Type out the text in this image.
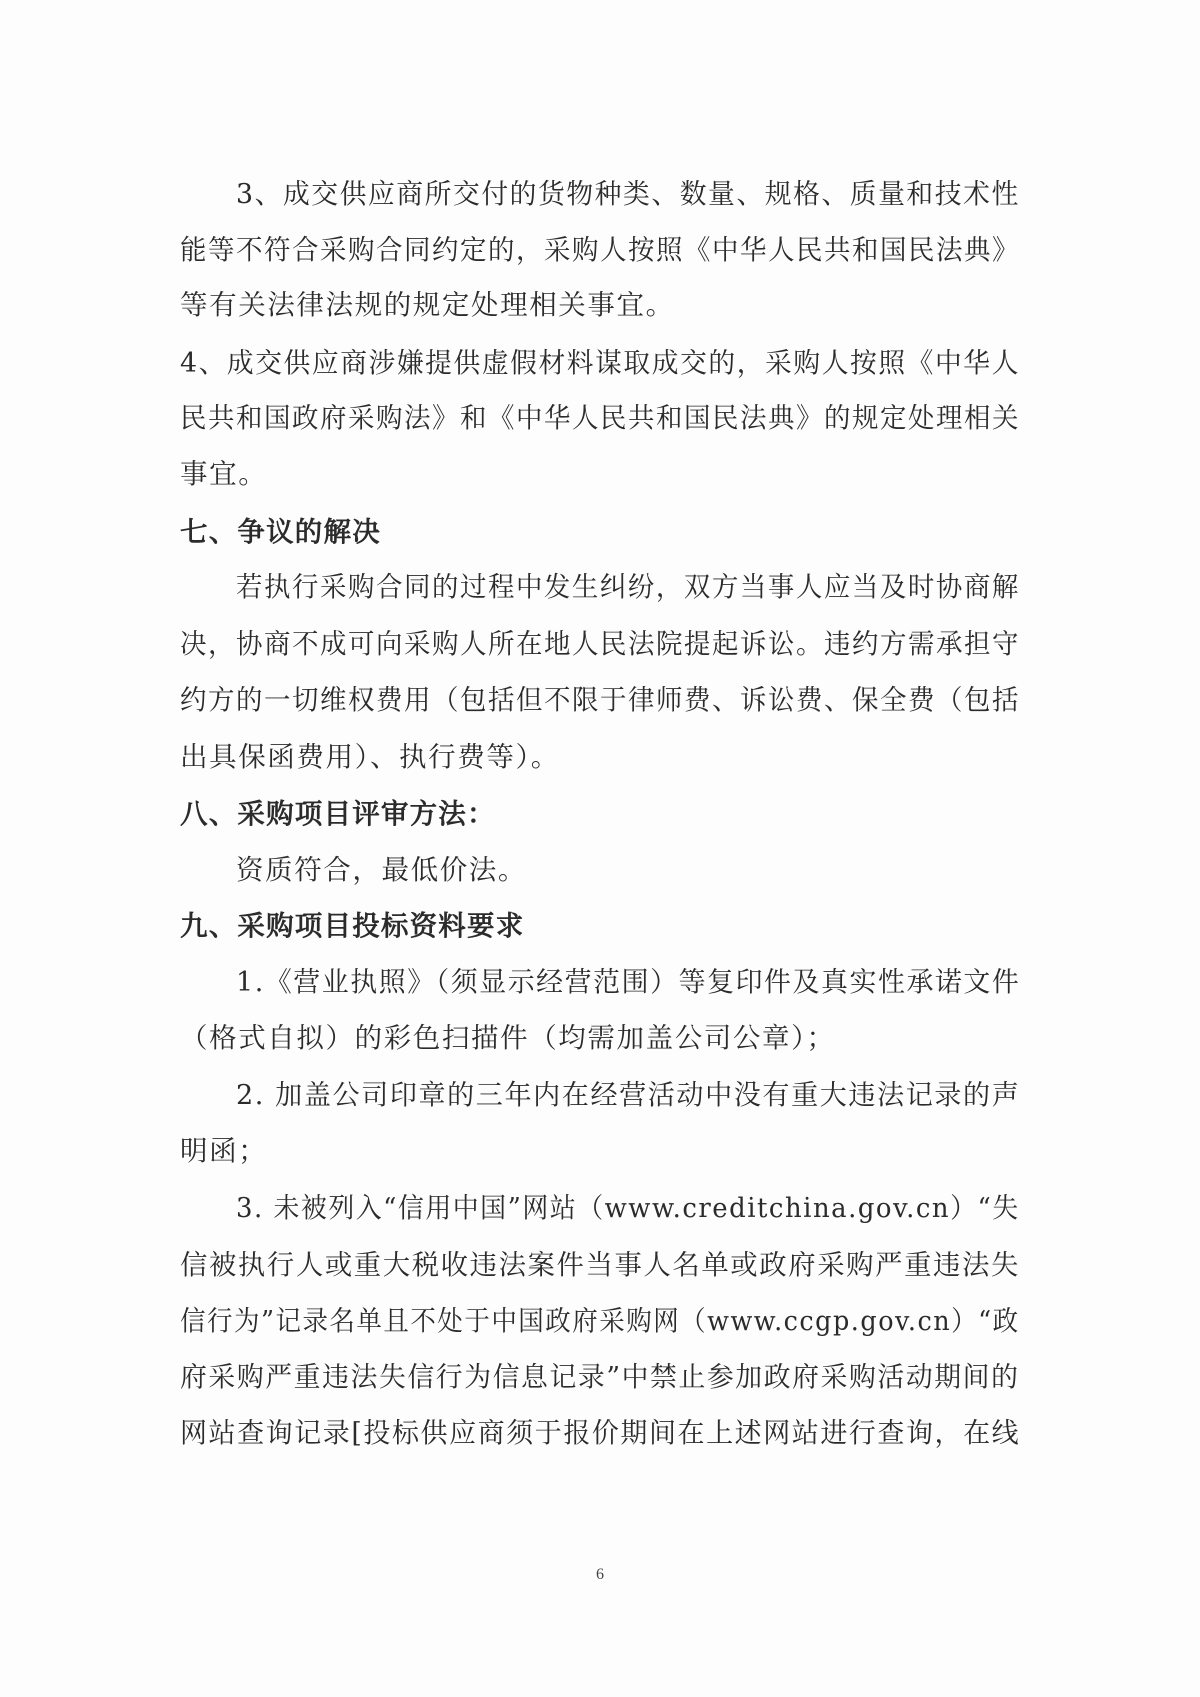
3、成交供应商所交付的货物种类、数量、规格、质量和技术性
能等不符合采购合同约定的，采购人按照《中华人民共和国民法典》
等有关法律法规的规定处理相关事宜。
4、成交供应商涉嫌提供虚假材料谋取成交的，采购人按照《中华人
民共和国政府采购法》和《中华人民共和国民法典》的规定处理相关
事宜。
七、争议的解决
若执行采购合同的过程中发生纠纷，双方当事人应当及时协商解
决，协商不成可向采购人所在地人民法院提起诉讼。违约方需承担守
约方的一切维权费用（包括但不限于律师费、诉讼费、保全费（包括
出具保函费用）、执行费等）。
八、采购项目评审方法：
资质符合，最低价法。
九、采购项目投标资料要求
1.《营业执照》（须显示经营范围）等复印件及真实性承诺文件
（格式自拟）的彩色扫描件（均需加盖公司公章）；
2. 加盖公司印章的三年内在经营活动中没有重大违法记录的声
明函；
3. 未被列入“信用中国”网站（www.creditchina.gov.cn）“失
信被执行人或重大税收违法案件当事人名单或政府采购严重违法失
信行为”记录名单且不处于中国政府采购网（www.ccgp.gov.cn）“政
府采购严重违法失信行为信息记录”中禁止参加政府采购活动期间的
网站查询记录[投标供应商须于报价期间在上述网站进行查询，在线
6
